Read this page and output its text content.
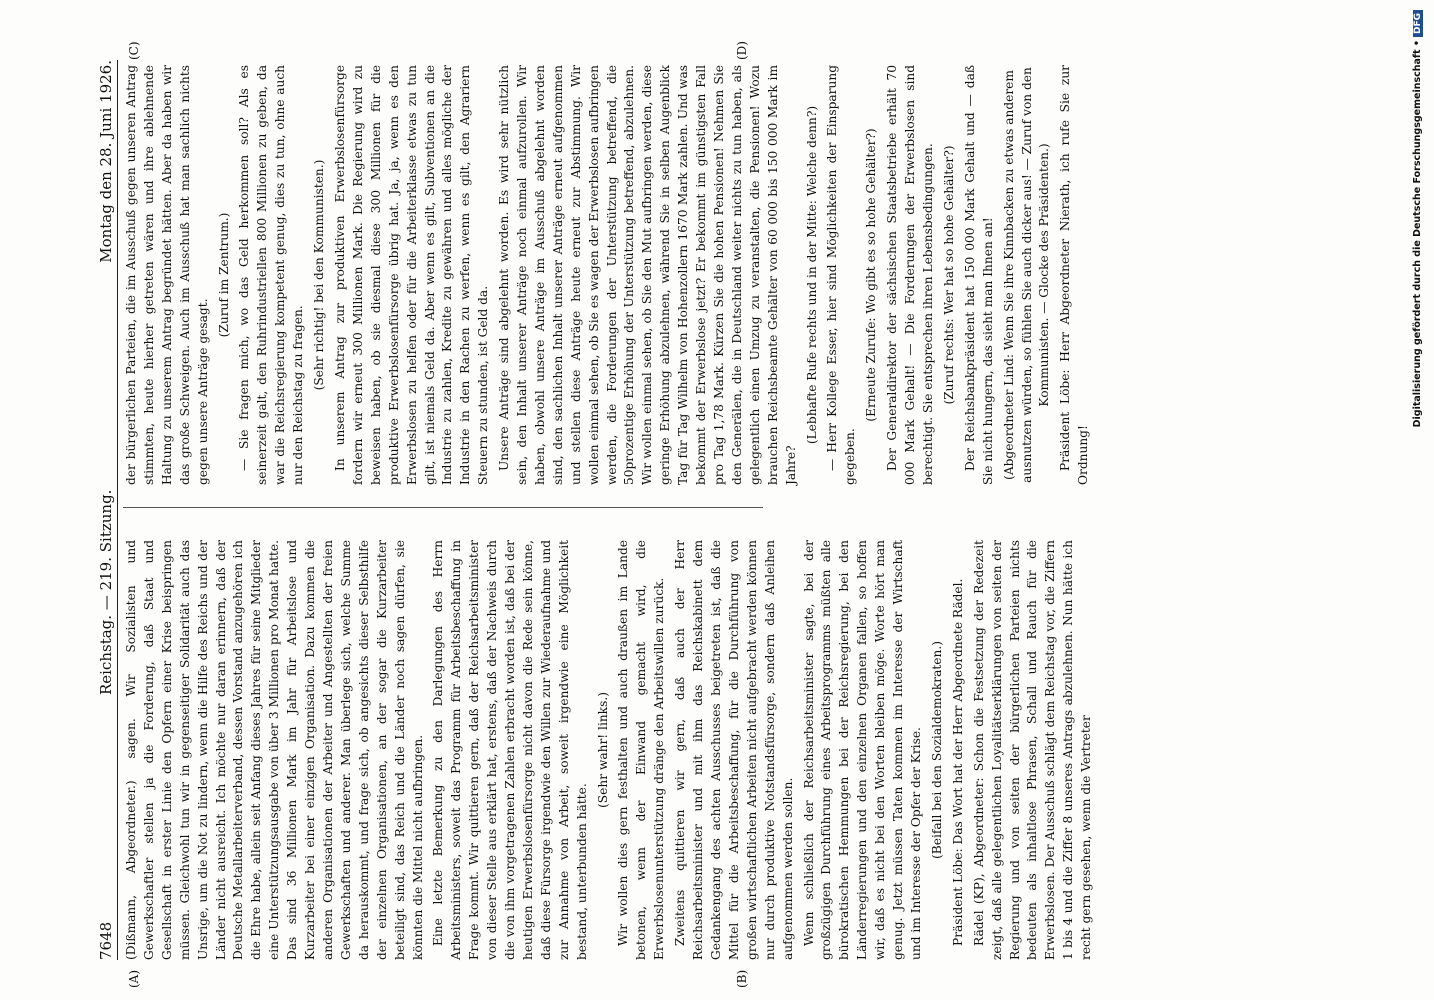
7648
Reichstag. — 219. Sitzung.
Montag den 28. Juni 1926.

(Dißmann, Abgeordneter.) sagen. Wir Sozialisten und Gewerkschaftler stellen ja die Forderung, daß Staat und Gesellschaft in erster Linie den Opfern einer Krise beispringen müssen. Gleichwohl tun wir in gegenseitiger Solidarität auch das Unsrige, um die Not zu lindern, wenn die Hilfe des Reichs und der Länder nicht ausreicht. Ich möchte nur daran erinnern, daß der Deutsche Metallarbeiterverband, dessen Vorstand anzugehören ich die Ehre habe, allein seit Anfang dieses Jahres für seine Mitglieder eine Unterstützungsausgabe von über 3 Millionen pro Monat hatte. Das sind 36 Millionen Mark im Jahr für Arbeitslose und Kurzarbeiter bei einer einzigen Organisation. Dazu kommen die anderen Organisationen der Arbeiter und Angestellten der freien Gewerkschaften und anderer. Man überlege sich, welche Summe da herauskommt, und frage sich, ob angesichts dieser Selbsthilfe der einzelnen Organisationen, an der sogar die Kurzarbeiter beteiligt sind, das Reich und die Länder noch sagen dürfen, sie könnten die Mittel nicht aufbringen. Eine letzte Bemerkung zu den Darlegungen des Herrn Arbeitsministers, soweit das Programm für Arbeitsbeschaffung in Frage kommt. Wir quittieren gern, daß der Reichsarbeitsminister von dieser Stelle aus erklärt hat, erstens, daß der Nachweis durch die von ihm vorgetragenen Zahlen erbracht worden ist, daß bei der heutigen Erwerbslosenfürsorge nicht davon die Rede sein könne, daß diese Fürsorge irgendwie den Willen zur Wiederaufnahme und zur Annahme von Arbeit, soweit irgendwie eine Möglichkeit bestand, unterbunden hätte.

(Sehr wahr! links.) Wir wollen dies gern festhalten und auch draußen im Lande betonen, wenn der Einwand gemacht wird, die Erwerbslosenunterstützung dränge den Arbeitswillen zurück. Zweitens quittieren wir gern, daß auch der Herr Reichsarbeitsminister und mit ihm das Reichskabinett dem Gedankengang des achten Ausschusses beigetreten ist, daß die Mittel für die Arbeitsbeschaffung, für die Durchführung von großen wirtschaftlichen Arbeiten nicht aufgebracht werden können nur durch produktive Notstandsfürsorge, sondern daß Anleihen aufgenommen werden sollen. Wenn schließlich der Reichsarbeitsminister sagte, bei der großzügigen Durchführung eines Arbeitsprogramms müßten alle bürokratischen Hemmungen bei der Reichsregierung, bei den Länderregierungen und den einzelnen Organen fallen, so hoffen wir, daß es nicht bei den Worten bleiben möge. Worte hört man genug. Jetzt müssen Taten kommen im Interesse der Wirtschaft und im Interesse der Opfer der Krise. (Beifall bei den Sozialdemokraten.) Präsident Löbe: Das Wort hat der Herr Abgeordnete Rädel. Rädel (KP), Abgeordneter: Schon die Festsetzung der Redezeit zeigt, daß alle gelegentlichen Loyalitätserklärungen von seiten der Regierung und von seiten der bürgerlichen Parteien nichts bedeuten als inhaltlose Phrasen, Schall und Rauch für die Erwerbslosen. Der Ausschuß schlägt dem Reichstag vor, die Ziffern 1 bis 4 und die Ziffer 8 unseres Antrags abzulehnen. Nun hätte ich recht gern gesehen, wenn die Vertreter

der bürgerlichen Parteien, die im Ausschuß gegen unseren Antrag stimmten, heute hierher getreten wären und ihre ablehnende Haltung zu unserem Antrag begründet hätten. Aber da haben wir das große Schweigen. Auch im Ausschuß hat man sachlich nichts gegen unsere Anträge gesagt.

(Zuruf im Zentrum.) — Sie fragen mich, wo das Geld herkommen soll? Als es seinerzeit galt, den Ruhrindustriellen 800 Millionen zu geben, da war die Reichsregierung kompetent genug, dies zu tun, ohne auch nur den Reichstag zu fragen.

(Sehr richtig! bei den Kommunisten.) In unserem Antrag zur produktiven Erwerbslosenfürsorge fordern wir erneut 300 Millionen Mark. Die Regierung wird zu beweisen haben, ob sie diesmal diese 300 Millionen für die produktive Erwerbslosenfürsorge übrig hat. Ja, ja, wenn es den Erwerbslosen zu helfen oder für die Arbeiterklasse etwas zu tun gilt, ist niemals Geld da. Aber wenn es gilt, Subventionen an die Industrie zu zahlen, Kredite zu gewähren und alles mögliche der Industrie in den Rachen zu werfen, wenn es gilt, den Agrariern Steuern zu stunden, ist Geld da. Unsere Anträge sind abgelehnt worden. Es wird sehr nützlich sein, den Inhalt unserer Anträge noch einmal aufzurollen. Wir haben, obwohl unsere Anträge im Ausschuß abgelehnt worden sind, den sachlichen Inhalt unserer Anträge erneut aufgenommen und stellen diese Anträge heute erneut zur Abstimmung. Wir wollen einmal sehen, ob Sie es wagen der Erwerbslosen aufbringen werden, die Forderungen der Unterstützung betreffend, die 50prozentige Erhöhung der Unterstützung betreffend, abzulehnen. Wir wollen einmal sehen, ob Sie den Mut aufbringen werden, diese geringe Erhöhung abzulehnen, während Sie in selben Augenblick Tag für Tag Wilhelm von Hohenzollern 1670 Mark zahlen. Und was bekommt der Erwerbslose jetzt? Er bekommt im günstigsten Fall pro Tag 1,78 Mark. Kürzen Sie die hohen Pensionen! Nehmen Sie den Generälen, die in Deutschland weiter nichts zu tun haben, als gelegentlich einen Umzug zu veranstalten, die Pensionen! Wozu brauchen Reichsbeamte Gehälter von 60 000 bis 150 000 Mark im Jahre?

(Lebhafte Rufe rechts und in der Mitte: Welche denn?) — Herr Kollege Esser, hier sind Möglichkeiten der Einsparung gegeben.

(Erneute Zurufe: Wo gibt es so hohe Gehälter?) Der Generaldirektor der sächsischen Staatsbetriebe erhält 70 000 Mark Gehalt! — Die Forderungen der Erwerbslosen sind berechtigt. Sie entsprechen ihren Lebensbedingungen. (Zuruf rechts: Wer hat so hohe Gehälter?) Der Reichsbankpräsident hat 150 000 Mark Gehalt und — daß Sie nicht hungern, das sieht man Ihnen an! (Abgeordneter Lind: Wenn Sie ihre Kinnbacken zu etwas anderem ausnutzen würden, so fühlen Sie auch dicker aus! — Zuruf von den Kommunisten. — Glocke des Präsidenten.) Präsident Löbe: Herr Abgeordneter Nierath, ich rufe Sie zur Ordnung!

(A)	(B)
(C)	(D)	Digitalisierung gefördert durch die Deutsche Forschungsgemeinschaft •DFG
